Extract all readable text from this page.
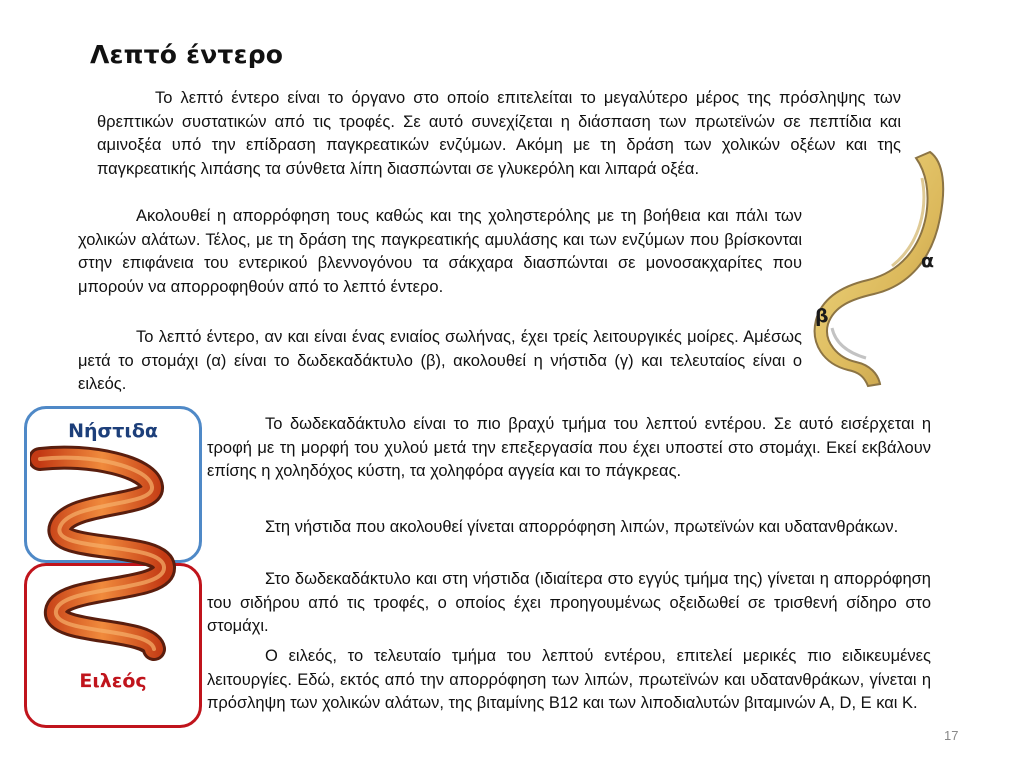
Λεπτό έντερο

Το λεπτό έντερο είναι το όργανο στο οποίο επιτελείται το μεγαλύτερο μέρος της πρόσληψης των θρεπτικών συστατικών από τις τροφές. Σε αυτό συνεχίζεται η διάσπαση των πρωτεϊνών σε πεπτίδια και αμινοξέα υπό την επίδραση παγκρεατικών ενζύμων. Ακόμη με τη δράση των χολικών οξέων και της παγκρεατικής λιπάσης τα σύνθετα λίπη διασπώνται σε γλυκερόλη και λιπαρά οξέα.

Ακολουθεί η απορρόφηση τους καθώς και της χοληστερόλης με τη βοήθεια και πάλι των χολικών αλάτων. Τέλος, με τη δράση της παγκρεατικής αμυλάσης και των ενζύμων που βρίσκονται στην επιφάνεια του εντερικού βλεννογόνου τα σάκχαρα διασπώνται σε μονοσακχαρίτες που μπορούν να απορροφηθούν από το λεπτό έντερο.

Το λεπτό έντερο, αν και είναι ένας ενιαίος σωλήνας, έχει τρείς λειτουργικές μοίρες. Αμέσως μετά το στομάχι (α) είναι το δωδεκαδάκτυλο (β), ακολουθεί η νήστιδα (γ) και τελευταίος είναι ο ειλεός.

Το δωδεκαδάκτυλο είναι το πιο βραχύ τμήμα του λεπτού εντέρου. Σε αυτό εισέρχεται η τροφή με τη μορφή του χυλού μετά την επεξεργασία που έχει υποστεί στο στομάχι. Εκεί εκβάλουν επίσης η χοληδόχος κύστη, τα χοληφόρα αγγεία και το πάγκρεας.

Στη νήστιδα που ακολουθεί γίνεται απορρόφηση λιπών, πρωτεϊνών και υδατανθράκων.

Στο δωδεκαδάκτυλο και στη νήστιδα (ιδιαίτερα στο εγγύς τμήμα της) γίνεται η απορρόφηση του σιδήρου από τις τροφές, ο οποίος έχει προηγουμένως οξειδωθεί σε τρισθενή σίδηρο στο στομάχι.

Ο ειλεός, το τελευταίο τμήμα του λεπτού εντέρου, επιτελεί μερικές πιο ειδικευμένες λειτουργίες. Εδώ, εκτός από την απορρόφηση των λιπών, πρωτεϊνών και υδατανθράκων, γίνεται η πρόσληψη των χολικών αλάτων, της βιταμίνης Β12 και των λιποδιαλυτών βιταμινών Α, D, E και Κ.

α
β
Νήστιδα
Ειλεός
17
